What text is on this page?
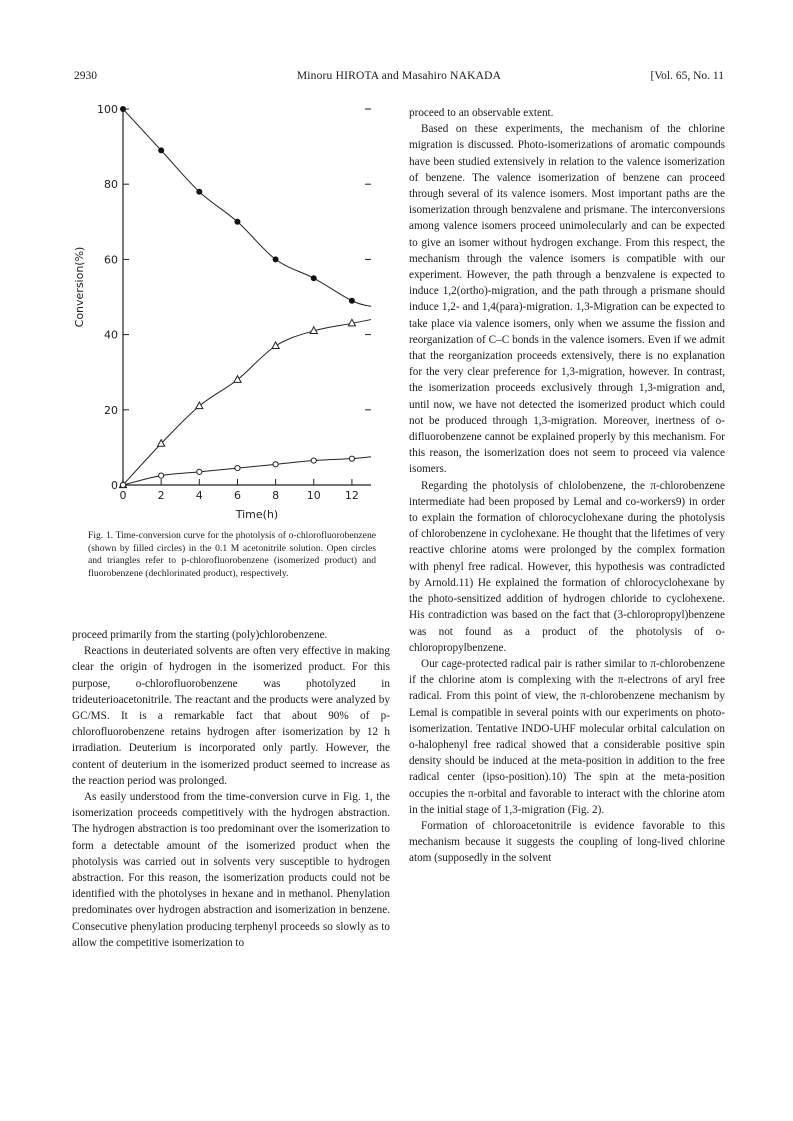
2930	Minoru HIROTA and Masahiro NAKADA	[Vol. 65, No. 11
0
20
40
60
80
100
0	2	4	6	8	10 12
Time(h)
Conversion(%)

Fig. 1. Time-conversion curve for the photolysis of o-chlorofluorobenzene (shown by filled circles) in the 0.1 M acetonitrile solution. Open circles and triangles refer to p-chlorofluorobenzene (isomerized product) and fluorobenzene (dechlorinated product), respectively.

proceed primarily from the starting (poly)chlorobenzene.

Reactions in deuteriated solvents are often very effective in making clear the origin of hydrogen in the isomerized product. For this purpose, o-chlorofluorobenzene was photolyzed in trideuterioacetonitrile. The reactant and the products were analyzed by GC/MS. It is a remarkable fact that about 90% of p-chlorofluorobenzene retains hydrogen after isomerization by 12 h irradiation. Deuterium is incorporated only partly. However, the content of deuterium in the isomerized product seemed to increase as the reaction period was prolonged.

As easily understood from the time-conversion curve in Fig. 1, the isomerization proceeds competitively with the hydrogen abstraction. The hydrogen abstraction is too predominant over the isomerization to form a detectable amount of the isomerized product when the photolysis was carried out in solvents very susceptible to hydrogen abstraction. For this reason, the isomerization products could not be identified with the photolyses in hexane and in methanol. Phenylation predominates over hydrogen abstraction and isomerization in benzene. Consecutive phenylation producing terphenyl proceeds so slowly as to allow the competitive isomerization to

proceed to an observable extent.

Based on these experiments, the mechanism of the chlorine migration is discussed. Photo-isomerizations of aromatic compounds have been studied extensively in relation to the valence isomerization of benzene. The valence isomerization of benzene can proceed through several of its valence isomers. Most important paths are the isomerization through benzvalene and prismane. The interconversions among valence isomers proceed unimolecularly and can be expected to give an isomer without hydrogen exchange. From this respect, the mechanism through the valence isomers is compatible with our experiment. However, the path through a benzvalene is expected to induce 1,2(ortho)-migration, and the path through a prismane should induce 1,2- and 1,4(para)-migration. 1,3-Migration can be expected to take place via valence isomers, only when we assume the fission and reorganization of C–C bonds in the valence isomers. Even if we admit that the reorganization proceeds extensively, there is no explanation for the very clear preference for 1,3-migration, however. In contrast, the isomerization proceeds exclusively through 1,3-migration and, until now, we have not detected the isomerized product which could not be produced through 1,3-migration. Moreover, inertness of o-difluorobenzene cannot be explained properly by this mechanism. For this reason, the isomerization does not seem to proceed via valence isomers.

Regarding the photolysis of chlolobenzene, the π-chlorobenzene intermediate had been proposed by Lemal and co-workers9) in order to explain the formation of chlorocyclohexane during the photolysis of chlorobenzene in cyclohexane. He thought that the lifetimes of very reactive chlorine atoms were prolonged by the complex formation with phenyl free radical. However, this hypothesis was contradicted by Arnold.11) He explained the formation of chlorocyclohexane by the photo-sensitized addition of hydrogen chloride to cyclohexene. His contradiction was based on the fact that (3-chloropropyl)benzene was not found as a product of the photolysis of o-chloropropylbenzene.

Our cage-protected radical pair is rather similar to π-chlorobenzene if the chlorine atom is complexing with the π-electrons of aryl free radical. From this point of view, the π-chlorobenzene mechanism by Lemal is compatible in several points with our experiments on photo-isomerization. Tentative INDO-UHF molecular orbital calculation on o-halophenyl free radical showed that a considerable positive spin density should be induced at the meta-position in addition to the free radical center (ipso-position).10) The spin at the meta-position occupies the π-orbital and favorable to interact with the chlorine atom in the initial stage of 1,3-migration (Fig. 2).

Formation of chloroacetonitrile is evidence favorable to this mechanism because it suggests the coupling of long-lived chlorine atom (supposedly in the solvent
